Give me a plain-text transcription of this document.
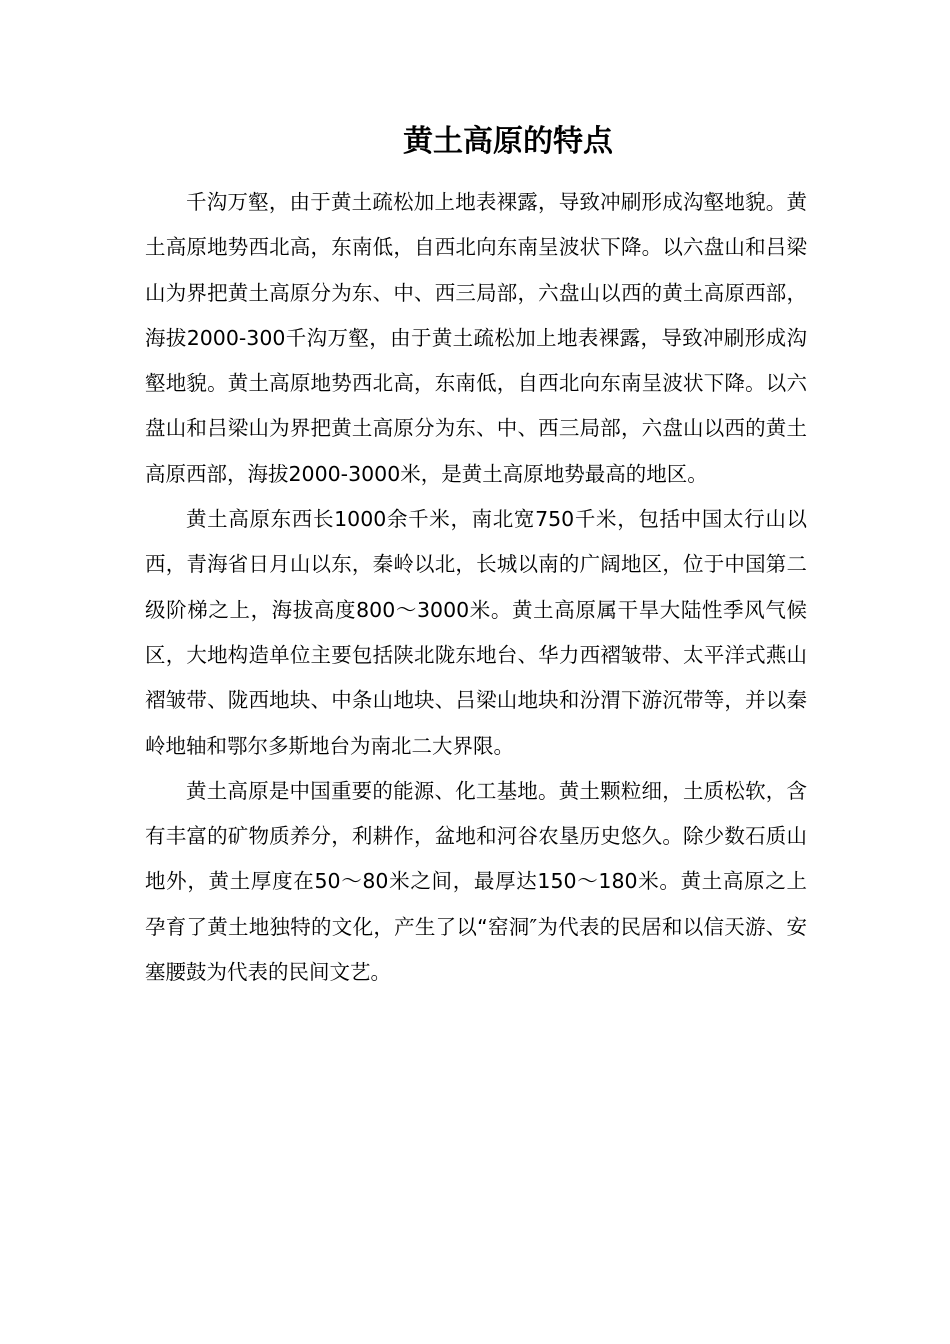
黄土高原的特点

千沟万壑，由于黄土疏松加上地表裸露，导致冲刷形成沟壑地貌。黄土高原地势西北高，东南低，自西北向东南呈波状下降。以六盘山和吕梁山为界把黄土高原分为东、中、西三局部，六盘山以西的黄土高原西部，海拔2000-300千沟万壑，由于黄土疏松加上地表裸露，导致冲刷形成沟壑地貌。黄土高原地势西北高，东南低，自西北向东南呈波状下降。以六盘山和吕梁山为界把黄土高原分为东、中、西三局部，六盘山以西的黄土高原西部，海拔2000-3000米，是黄土高原地势最高的地区。

黄土高原东西长1000余千米，南北宽750千米，包括中国太行山以西，青海省日月山以东，秦岭以北，长城以南的广阔地区，位于中国第二级阶梯之上，海拔高度800～3000米。黄土高原属干旱大陆性季风气候区，大地构造单位主要包括陕北陇东地台、华力西褶皱带、太平洋式燕山褶皱带、陇西地块、中条山地块、吕梁山地块和汾渭下游沉带等，并以秦岭地轴和鄂尔多斯地台为南北二大界限。

黄土高原是中国重要的能源、化工基地。黄土颗粒细，土质松软，含有丰富的矿物质养分，利耕作，盆地和河谷农垦历史悠久。除少数石质山地外，黄土厚度在50～80米之间，最厚达150～180米。黄土高原之上孕育了黄土地独特的文化，产生了以“窑洞″为代表的民居和以信天游、安塞腰鼓为代表的民间文艺。
